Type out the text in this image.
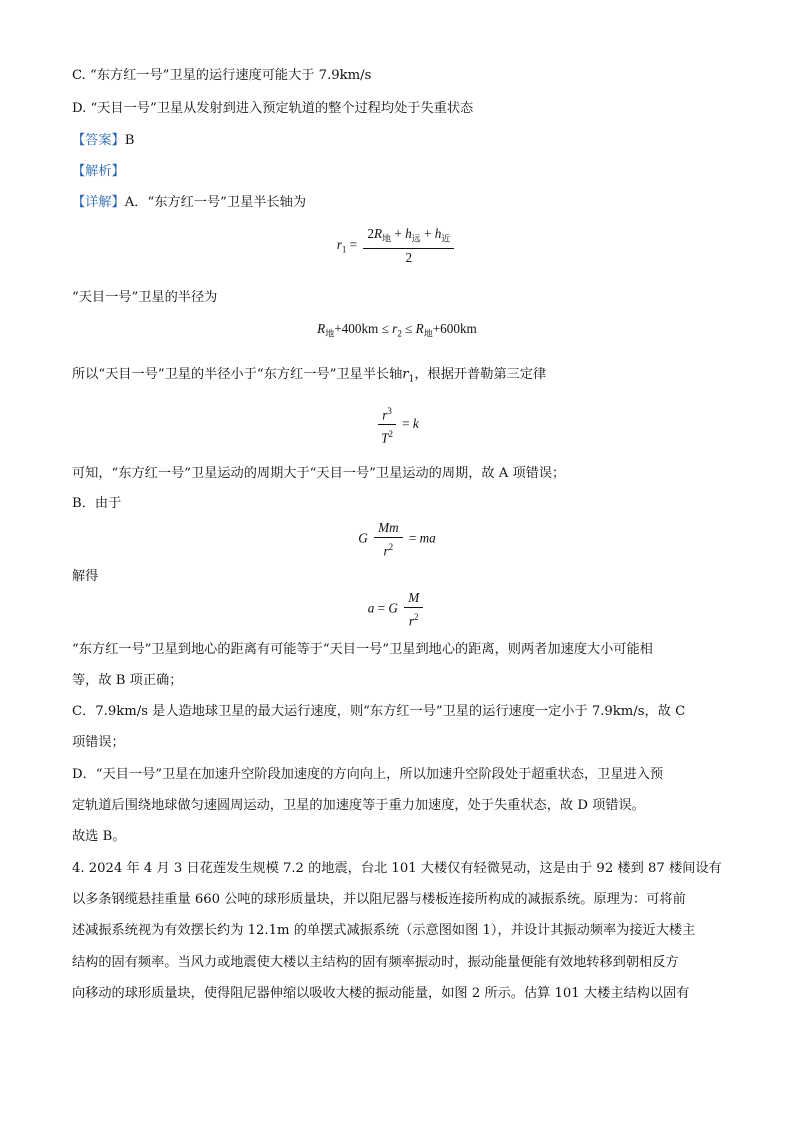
C. “东方红一号”卫星的运行速度可能大于 7.9km/s
D. “天目一号”卫星从发射到进入预定轨道的整个过程均处于失重状态
【答案】B
【解析】
【详解】A．“东方红一号”卫星半长轴为
$r_1 = \frac{2R_地 + h_远 + h_近}{2}$
“天目一号”卫星的半径为
$R_地+400km \le r_2 \le R_地+600km$
所以“天目一号”卫星的半径小于“东方红一号”卫星半长轴$r_1$，根据开普勒第三定律
$\frac{r^3}{T^2} = k$
可知，“东方红一号”卫星运动的周期大于“天目一号”卫星运动的周期，故 A 项错误；
B．由于
G $\frac{Mm}{r^2}$ = ma
解得
a = G $\frac{M}{r^2}$
“东方红一号”卫星到地心的距离有可能等于“天目一号”卫星到地心的距离，则两者加速度大小可能相
等，故 B 项正确；
C．7.9km/s 是人造地球卫星的最大运行速度，则“东方红一号”卫星的运行速度一定小于 7.9km/s，故 C
项错误；
D．“天目一号”卫星在加速升空阶段加速度的方向向上，所以加速升空阶段处于超重状态，卫星进入预
定轨道后围绕地球做匀速圆周运动，卫星的加速度等于重力加速度，处于失重状态，故 D 项错误。
故选 B。
4. 2024 年 4 月 3 日花莲发生规模 7.2 的地震，台北 101 大楼仅有轻微晃动，这是由于 92 楼到 87 楼间设有
以多条钢缆悬挂重量 660 公吨的球形质量块，并以阻尼器与楼板连接所构成的减振系统。原理为：可将前
述减振系统视为有效摆长约为 12.1m 的单摆式减振系统（示意图如图 1），并设计其振动频率为接近大楼主
结构的固有频率。当风力或地震使大楼以主结构的固有频率振动时，振动能量便能有效地转移到朝相反方
向移动的球形质量块，使得阻尼器伸缩以吸收大楼的振动能量，如图 2 所示。估算 101 大楼主结构以固有
